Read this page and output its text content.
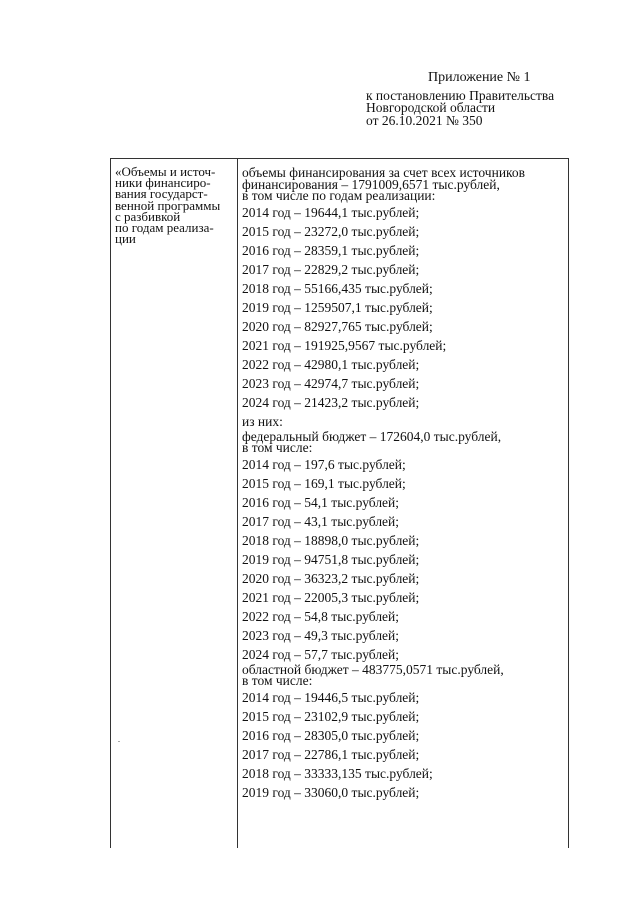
Приложение № 1
к постановлению Правительства
Новгородской области
от 26.10.2021 № 350
«Объемы и источ-
ники финансиро-
вания государст-
венной программы
с разбивкой
по годам реализа-
ции
объемы финансирования за счет всех источников
финансирования – 1791009,6571 тыс.рублей,
в том числе по годам реализации:
2014 год – 19644,1 тыс.рублей;
2015 год – 23272,0 тыс.рублей;
2016 год – 28359,1 тыс.рублей;
2017 год – 22829,2 тыс.рублей;
2018 год – 55166,435 тыс.рублей;
2019 год – 1259507,1 тыс.рублей;
2020 год – 82927,765 тыс.рублей;
2021 год – 191925,9567 тыс.рублей;
2022 год – 42980,1 тыс.рублей;
2023 год – 42974,7 тыс.рублей;
2024 год – 21423,2 тыс.рублей;
из них:
федеральный бюджет – 172604,0 тыс.рублей,
в том числе:
2014 год – 197,6 тыс.рублей;
2015 год – 169,1 тыс.рублей;
2016 год – 54,1 тыс.рублей;
2017 год – 43,1 тыс.рублей;
2018 год – 18898,0 тыс.рублей;
2019 год – 94751,8 тыс.рублей;
2020 год – 36323,2 тыс.рублей;
2021 год – 22005,3 тыс.рублей;
2022 год – 54,8 тыс.рублей;
2023 год – 49,3 тыс.рублей;
2024 год – 57,7 тыс.рублей;
областной бюджет – 483775,0571 тыс.рублей,
в том числе:
2014 год – 19446,5 тыс.рублей;
2015 год – 23102,9 тыс.рублей;
2016 год – 28305,0 тыс.рублей;
2017 год – 22786,1 тыс.рублей;
2018 год – 33333,135 тыс.рублей;
2019 год – 33060,0 тыс.рублей;
